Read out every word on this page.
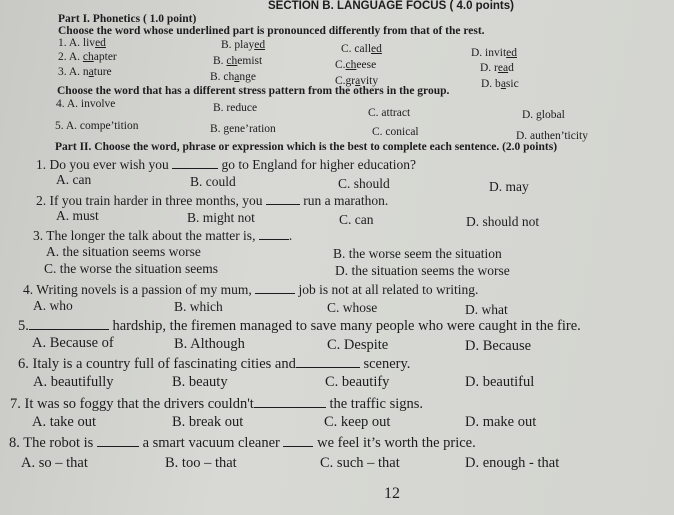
SECTION B. LANGUAGE FOCUS ( 4.0 points)
Part I. Phonetics ( 1.0 point)
Choose the word whose underlined part is pronounced differently from that of the rest.
1. A. lived	B. played	C. called	D. invited
2. A. chapter	B. chemist	C.cheese	D. read
3. A. nature	B. change	C.gravity	D. basic
Choose the word that has a different stress pattern from the others in the group.
4. A. involve	B. reduce	C. attract	D. global
5. A. compe’tition	B. gene’ration	C. conical	D. authen’ticity
Part II. Choose the word, phrase or expression which is the best to complete each sentence. (2.0 points)
1. Do you ever wish you	go to England for higher education?
A. can	B. could	C. should	D. may
2. If you train harder in three months, you	run a marathon.
A. must	B. might not	C. can	D. should not
3. The longer the talk about the matter is, .
A. the situation seems worse	B. the worse seem the situation
C. the worse the situation seems	D. the situation seems the worse
4. Writing novels is a passion of my mum,	job is not at all related to writing.
A. who	B. which	C. whose	D. what
5.	hardship, the firemen managed to save many people who were caught in the fire.
A. Because of	B. Although	C. Despite	D. Because
6. Italy is a country full of fascinating cities and	scenery.
A. beautifully	B. beauty	C. beautify	D. beautiful
7. It was so foggy that the drivers couldn't	the traffic signs.
A. take out	B. break out	C. keep out	D. make out
8. The robot is	a smart vacuum cleaner	we feel it’s worth the price.
A. so – that	B. too – that	C. such – that	D. enough - that
12
